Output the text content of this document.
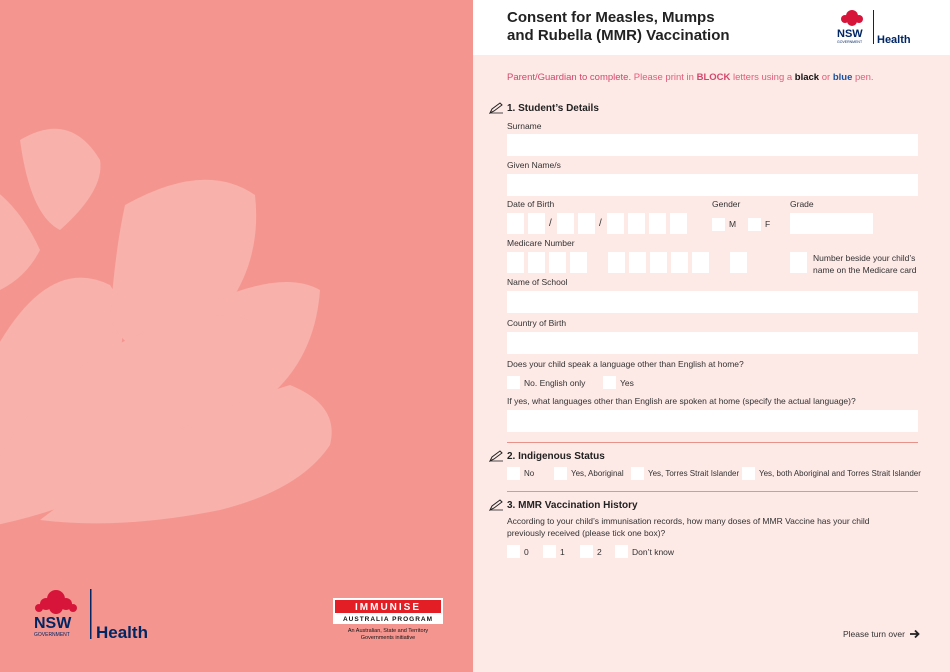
NSW
GOVERNMENT Health
IMMUNISE
AUSTRALIA PROGRAM
An Australian, State and Territory
Governments initiative
Consent for Measles, Mumps
and Rubella (MMR) Vaccination	NSW
GOVERNMENT Health
Parent/Guardian to complete. Please print in BLOCK letters using a black or blue pen.
1. Student’s Details
Surname
Given Name/s
Date of Birth
/	/
Gender
M	F
Grade
Medicare Number
Number beside your child’s
name on the Medicare card
Name of School
Country of Birth
Does your child speak a language other than English at home?
No. English only	Yes
If yes, what languages other than English are spoken at home (specify the actual language)?
2. Indigenous Status
No	Yes, Aboriginal	Yes, Torres Strait Islander Yes, both Aboriginal and Torres Strait Islander
3. MMR Vaccination History
According to your child’s immunisation records, how many doses of MMR Vaccine has your child
previously received (please tick one box)?
0	1	2	Don’t know
Please turn over
